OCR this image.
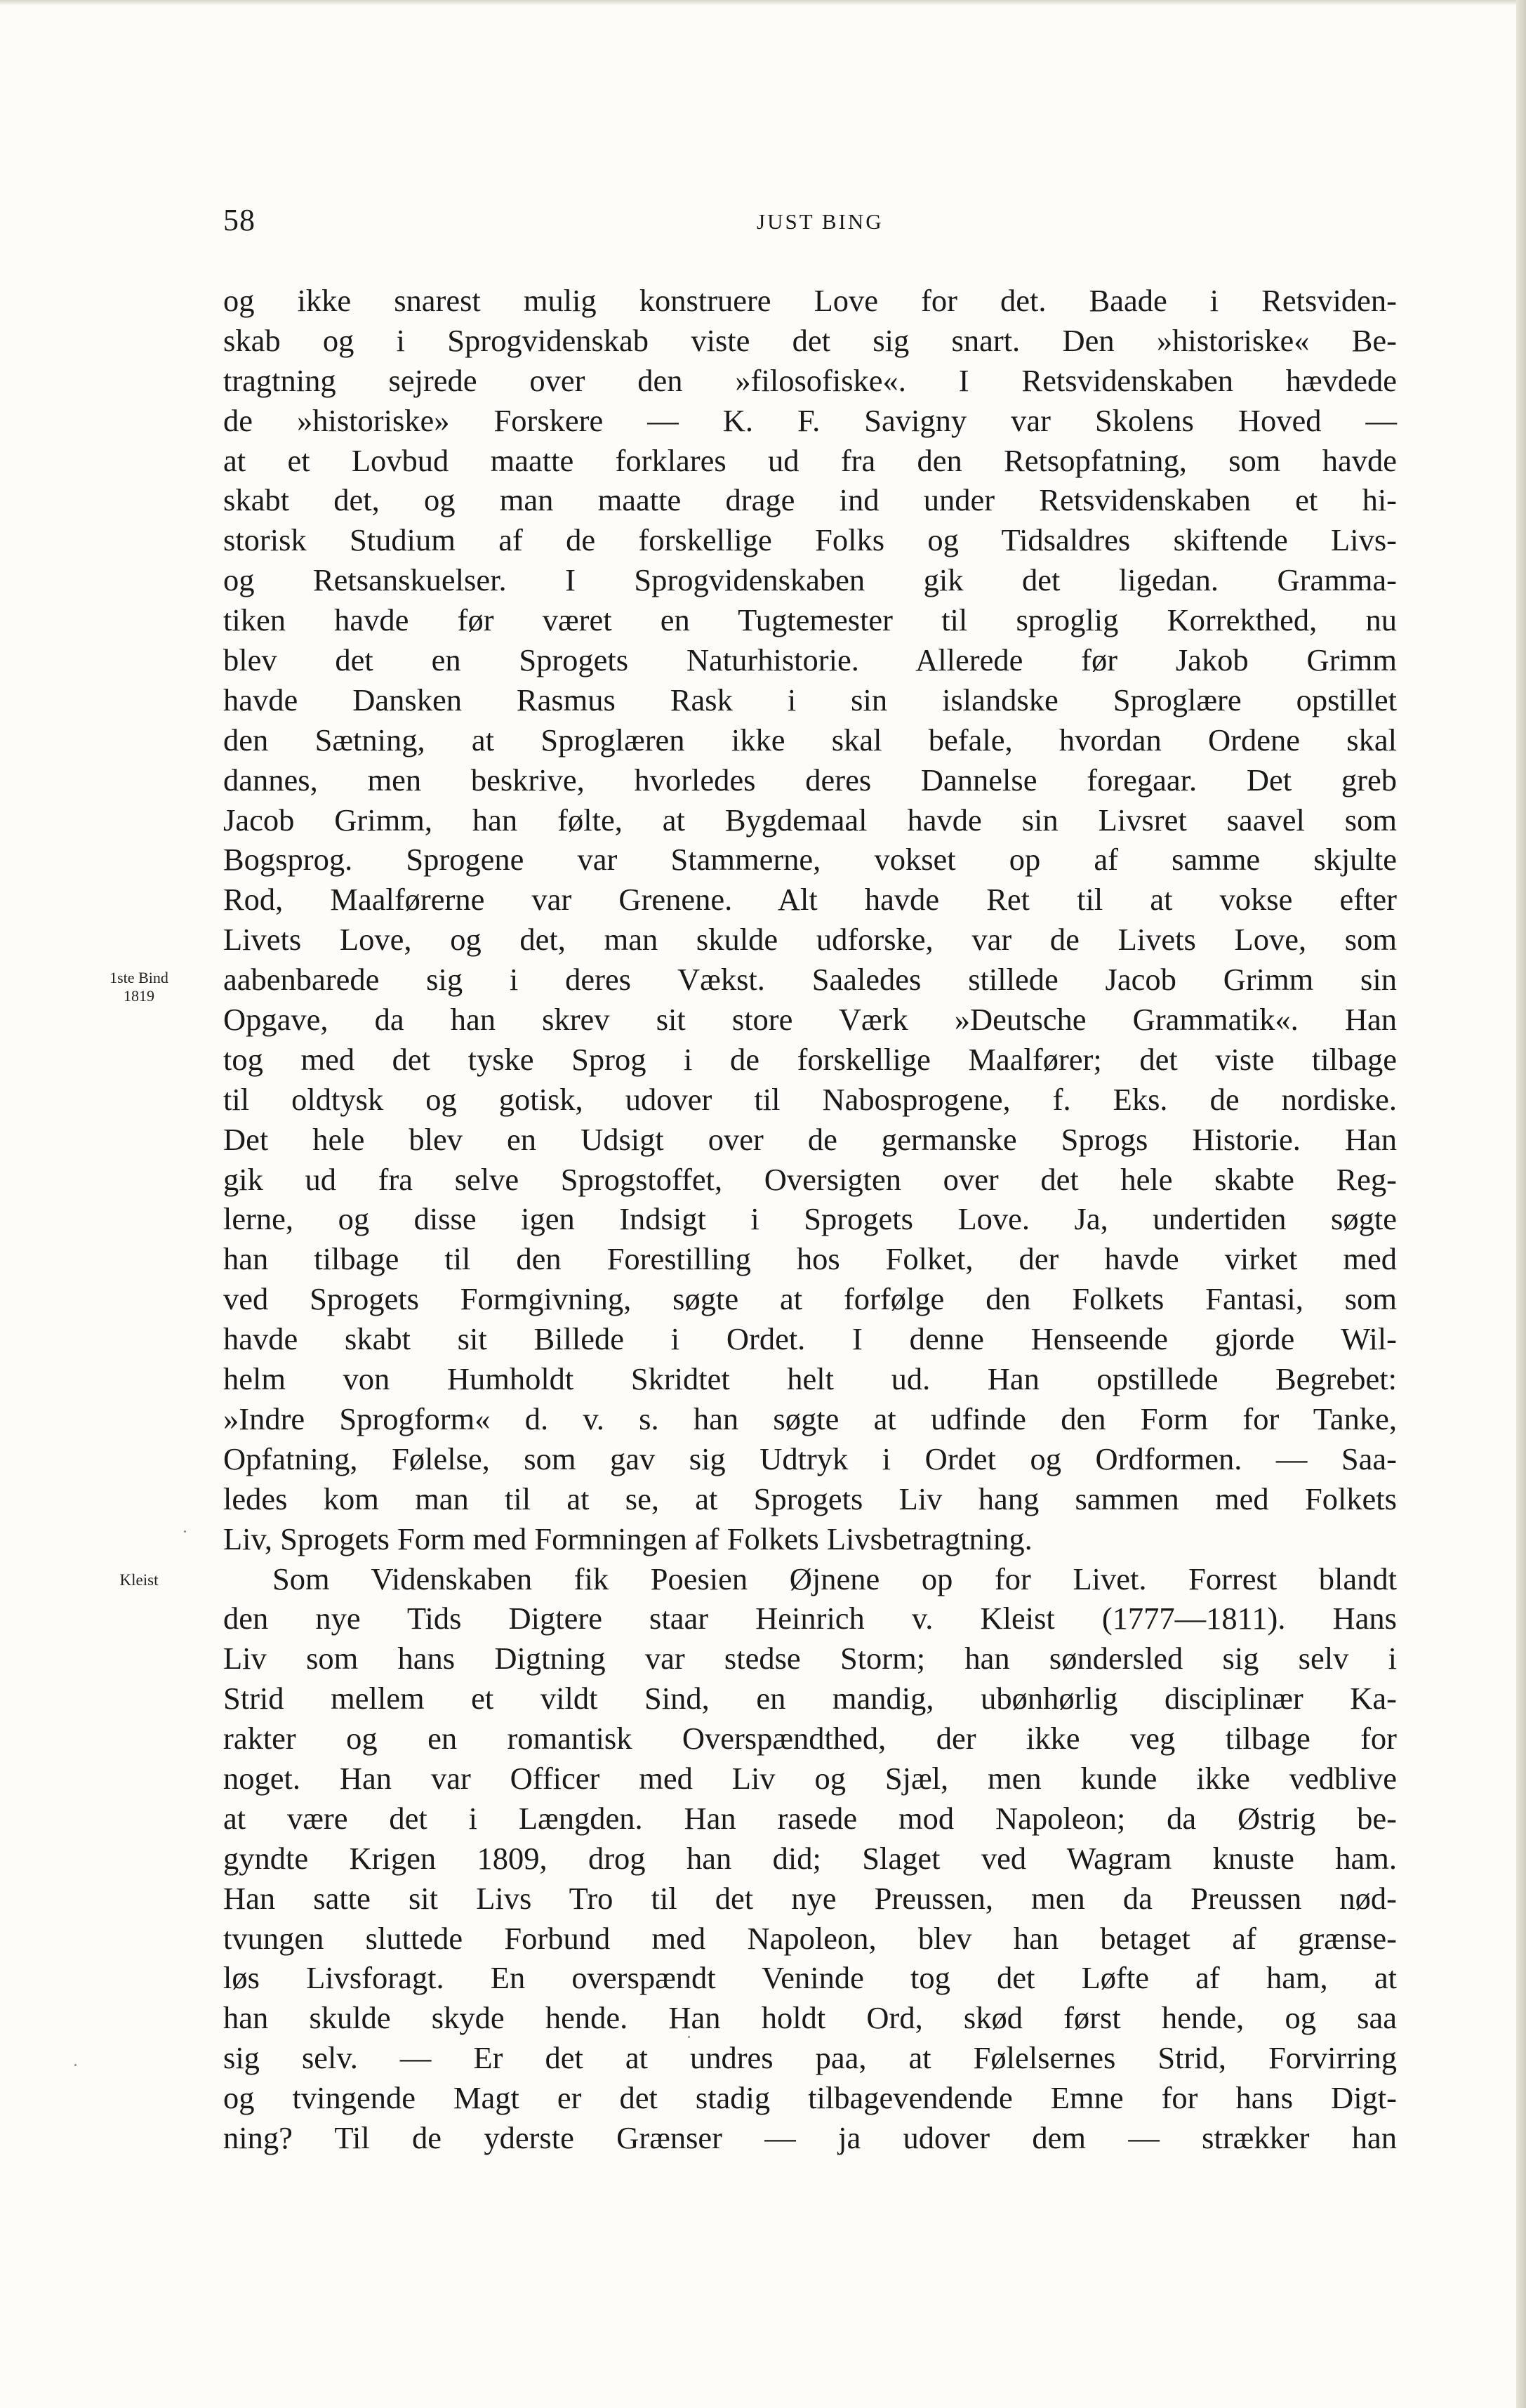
58	JUST BING
1ste Bind
1819
Kleist
og ikke snarest mulig konstruere Love for det. Baade i Retsviden-
skab og i Sprogvidenskab viste det sig snart. Den »historiske« Be-
tragtning sejrede over den »filosofiske«. I Retsvidenskaben hævdede
de »historiske» Forskere — K. F. Savigny var Skolens Hoved —
at et Lovbud maatte forklares ud fra den Retsopfatning, som havde
skabt det, og man maatte drage ind under Retsvidenskaben et hi-
storisk Studium af de forskellige Folks og Tidsaldres skiftende Livs-
og Retsanskuelser. I Sprogvidenskaben gik det ligedan. Gramma-
tiken havde før været en Tugtemester til sproglig Korrekthed, nu
blev det en Sprogets Naturhistorie. Allerede før Jakob Grimm
havde Dansken Rasmus Rask i sin islandske Sproglære opstillet
den Sætning, at Sproglæren ikke skal befale, hvordan Ordene skal
dannes, men beskrive, hvorledes deres Dannelse foregaar. Det greb
Jacob Grimm, han følte, at Bygdemaal havde sin Livsret saavel som
Bogsprog. Sprogene var Stammerne, vokset op af samme skjulte
Rod, Maalførerne var Grenene. Alt havde Ret til at vokse efter
Livets Love, og det, man skulde udforske, var de Livets Love, som
aabenbarede sig i deres Vækst. Saaledes stillede Jacob Grimm sin
Opgave, da han skrev sit store Værk »Deutsche Grammatik«. Han
tog med det tyske Sprog i de forskellige Maalfører; det viste tilbage
til oldtysk og gotisk, udover til Nabosprogene, f. Eks. de nordiske.
Det hele blev en Udsigt over de germanske Sprogs Historie. Han
gik ud fra selve Sprogstoffet, Oversigten over det hele skabte Reg-
lerne, og disse igen Indsigt i Sprogets Love. Ja, undertiden søgte
han tilbage til den Forestilling hos Folket, der havde virket med
ved Sprogets Formgivning, søgte at forfølge den Folkets Fantasi, som
havde skabt sit Billede i Ordet. I denne Henseende gjorde Wil-
helm von Humholdt Skridtet helt ud. Han opstillede Begrebet:
»Indre Sprogform« d. v. s. han søgte at udfinde den Form for Tanke,
Opfatning, Følelse, som gav sig Udtryk i Ordet og Ordformen. — Saa-
ledes kom man til at se, at Sprogets Liv hang sammen med Folkets
Liv, Sprogets Form med Formningen af Folkets Livsbetragtning.
Som Videnskaben fik Poesien Øjnene op for Livet. Forrest blandt
den nye Tids Digtere staar Heinrich v. Kleist (1777—1811). Hans
Liv som hans Digtning var stedse Storm; han søndersled sig selv i
Strid mellem et vildt Sind, en mandig, ubønhørlig disciplinær Ka-
rakter og en romantisk Overspændthed, der ikke veg tilbage for
noget. Han var Officer med Liv og Sjæl, men kunde ikke vedblive
at være det i Længden. Han rasede mod Napoleon; da Østrig be-
gyndte Krigen 1809, drog han did; Slaget ved Wagram knuste ham.
Han satte sit Livs Tro til det nye Preussen, men da Preussen nød-
tvungen sluttede Forbund med Napoleon, blev han betaget af grænse-
løs Livsforagt. En overspændt Veninde tog det Løfte af ham, at
han skulde skyde hende. Han holdt Ord, skød først hende, og saa
sig selv. — Er det at undres paa, at Følelsernes Strid, Forvirring
og tvingende Magt er det stadig tilbagevendende Emne for hans Digt-
ning? Til de yderste Grænser — ja udover dem — strækker han
